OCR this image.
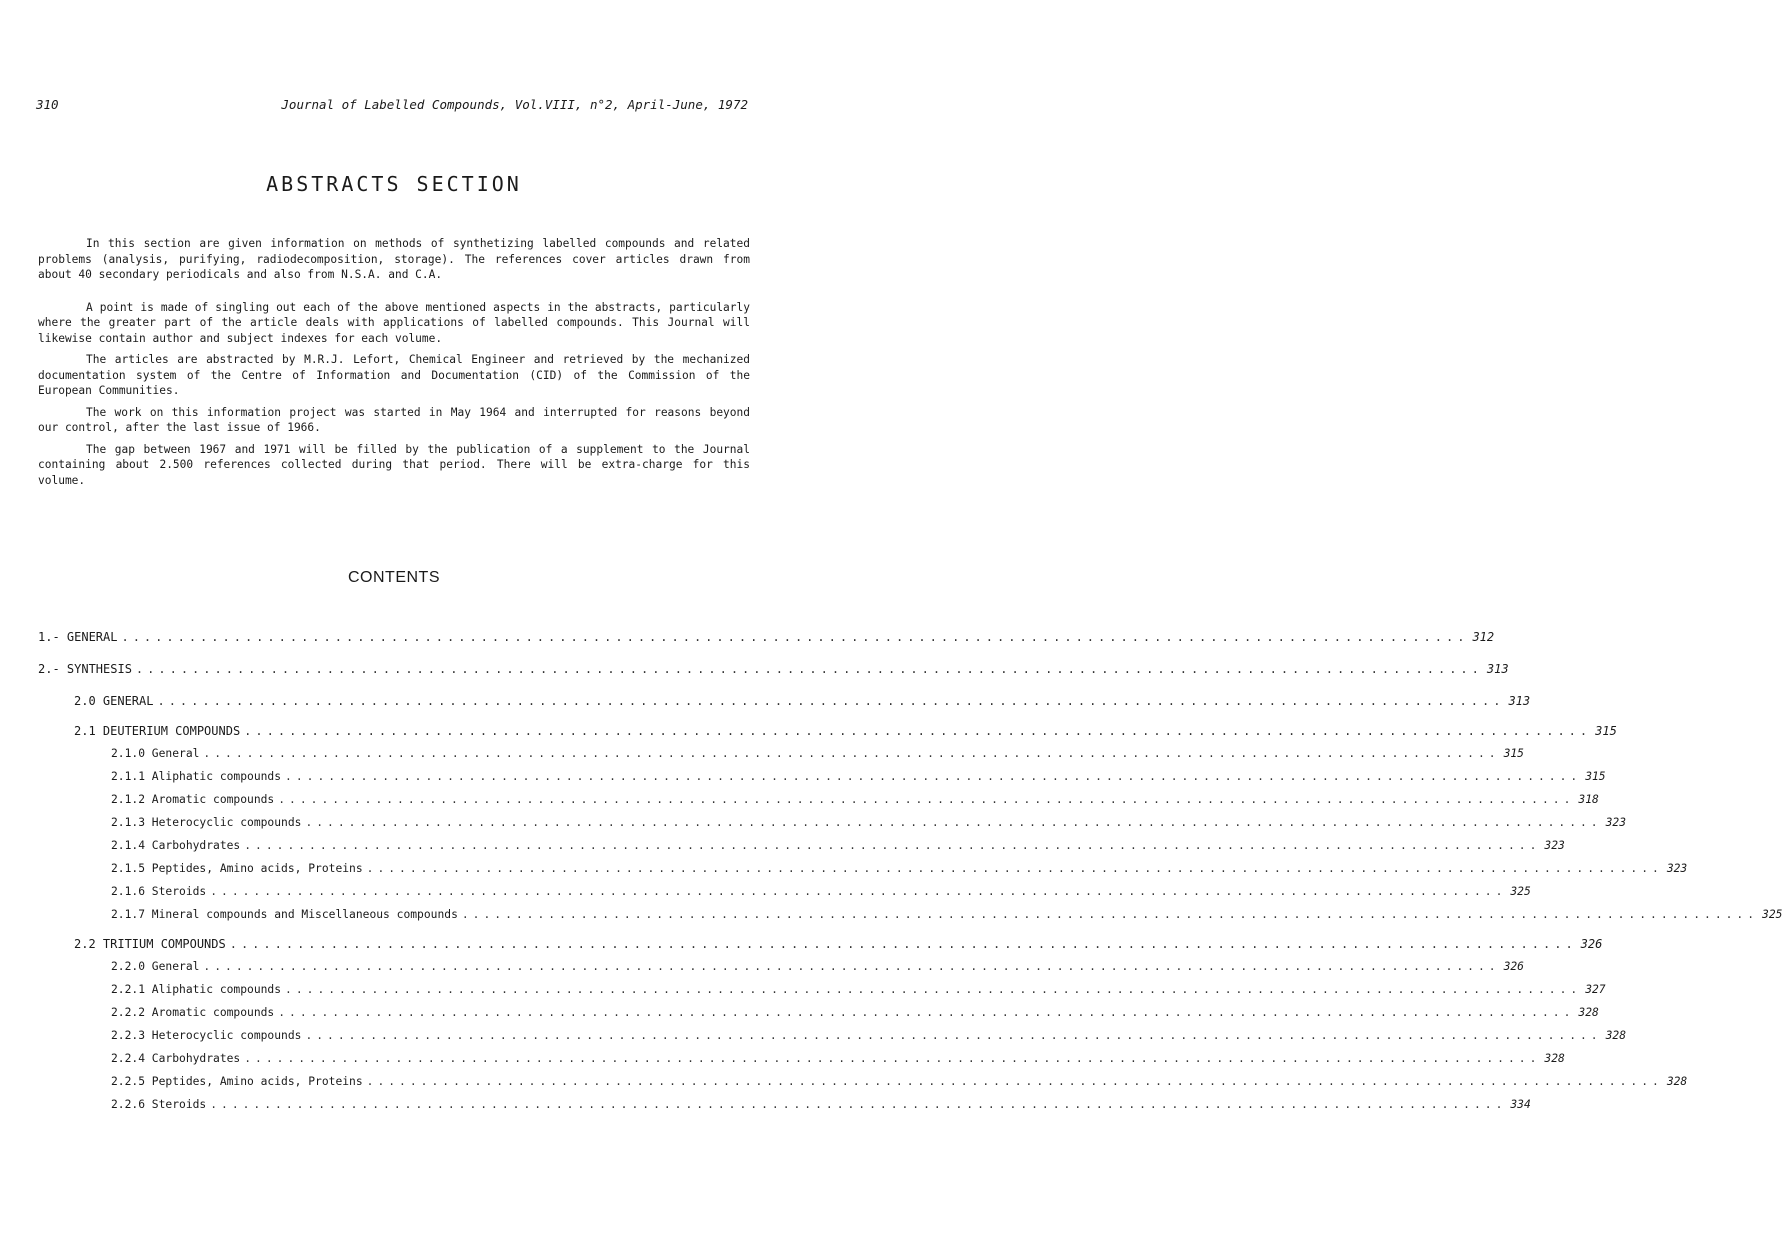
310	Journal of Labelled Compounds, Vol.VIII, n°2, April-June, 1972
ABSTRACTS SECTION

In this section are given information on methods of synthetizing labelled compounds and related problems (analysis, purifying, radiodecomposition, storage). The references cover articles drawn from about 40 secondary periodicals and also from N.S.A. and C.A.

A point is made of singling out each of the above mentioned aspects in the abstracts, particularly where the greater part of the article deals with applications of labelled compounds. This Journal will likewise contain author and subject indexes for each volume.

The articles are abstracted by M.R.J. Lefort, Chemical Engineer and retrieved by the mechanized documentation system of the Centre of Information and Documentation (CID) of the Commission of the European Communities.

The work on this information project was started in May 1964 and interrupted for reasons beyond our control, after the last issue of 1966.

The gap between 1967 and 1971 will be filled by the publication of a supplement to the Journal containing about 2.500 references collected during that period. There will be extra-charge for this volume.

CONTENTS
1.- GENERAL ........................................................................................................................ 312
2.- SYNTHESIS ........................................................................................................................ 313
2.0 GENERAL ........................................................................................................................ 313
2.1 DEUTERIUM COMPOUNDS ........................................................................................................................ 315
2.1.0 General ........................................................................................................................ 315
2.1.1 Aliphatic compounds ........................................................................................................................ 315
2.1.2 Aromatic compounds ........................................................................................................................ 318
2.1.3 Heterocyclic compounds ........................................................................................................................ 323
2.1.4 Carbohydrates ........................................................................................................................ 323
2.1.5 Peptides, Amino acids, Proteins ........................................................................................................................ 323
2.1.6 Steroids ........................................................................................................................ 325
2.1.7 Mineral compounds and Miscellaneous compounds ........................................................................................................................ 325
2.2 TRITIUM COMPOUNDS ........................................................................................................................ 326
2.2.0 General ........................................................................................................................ 326
2.2.1 Aliphatic compounds ........................................................................................................................ 327
2.2.2 Aromatic compounds ........................................................................................................................ 328
2.2.3 Heterocyclic compounds ........................................................................................................................ 328
2.2.4 Carbohydrates ........................................................................................................................ 328
2.2.5 Peptides, Amino acids, Proteins ........................................................................................................................ 328
2.2.6 Steroids ........................................................................................................................ 334
